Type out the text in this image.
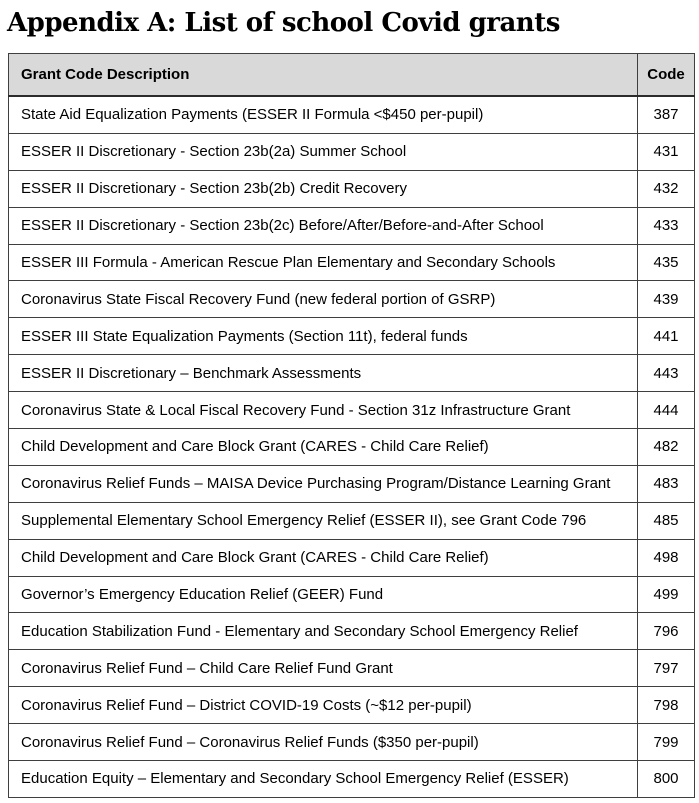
Appendix A: List of school Covid grants
Grant Code Description	Code
State Aid Equalization Payments (ESSER II Formula <$450 per-pupil)	387
ESSER II Discretionary - Section 23b(2a) Summer School	431
ESSER II Discretionary - Section 23b(2b) Credit Recovery	432
ESSER II Discretionary - Section 23b(2c) Before/After/Before-and-After School	433
ESSER III Formula - American Rescue Plan Elementary and Secondary Schools	435
Coronavirus State Fiscal Recovery Fund (new federal portion of GSRP)	439
ESSER III State Equalization Payments (Section 11t), federal funds	441
ESSER II Discretionary – Benchmark Assessments	443
Coronavirus State & Local Fiscal Recovery Fund - Section 31z Infrastructure Grant	444
Child Development and Care Block Grant (CARES - Child Care Relief)	482
Coronavirus Relief Funds – MAISA Device Purchasing Program/Distance Learning Grant	483
Supplemental Elementary School Emergency Relief (ESSER II), see Grant Code 796	485
Child Development and Care Block Grant (CARES - Child Care Relief)	498
Governor’s Emergency Education Relief (GEER) Fund	499
Education Stabilization Fund - Elementary and Secondary School Emergency Relief	796
Coronavirus Relief Fund – Child Care Relief Fund Grant	797
Coronavirus Relief Fund – District COVID-19 Costs (~$12 per-pupil)	798
Coronavirus Relief Fund – Coronavirus Relief Funds ($350 per-pupil)	799
Education Equity – Elementary and Secondary School Emergency Relief (ESSER)	800
